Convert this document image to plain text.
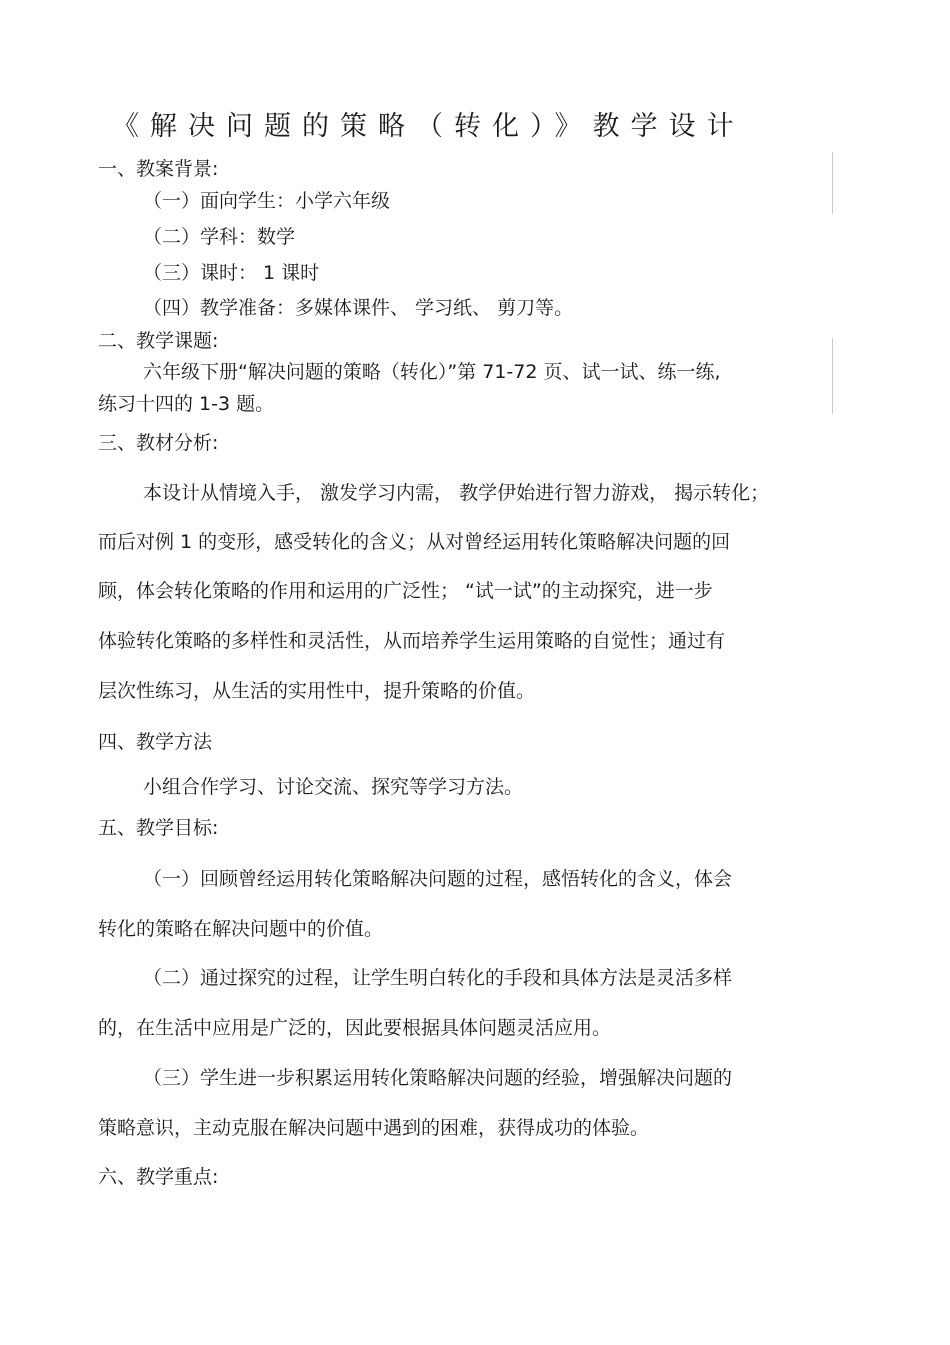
《解决问题的策略（转化）》教学设计
一、教案背景:
（一）面向学生：小学六年级
（二）学科：数学
（三）课时： 1 课时
（四）教学准备：多媒体课件、 学习纸、 剪刀等。
二、教学课题:
六年级下册“解决问题的策略（转化）”第 71-72 页、试一试、练一练,
练习十四的 1-3 题。
三、教材分析:
本设计从情境入手， 激发学习内需， 教学伊始进行智力游戏， 揭示转化；
而后对例 1 的变形，感受转化的含义；从对曾经运用转化策略解决问题的回
顾，体会转化策略的作用和运用的广泛性； “试一试”的主动探究，进一步
体验转化策略的多样性和灵活性，从而培养学生运用策略的自觉性；通过有
层次性练习，从生活的实用性中，提升策略的价值。
四、教学方法
小组合作学习、讨论交流、探究等学习方法。
五、教学目标:
（一）回顾曾经运用转化策略解决问题的过程，感悟转化的含义，体会
转化的策略在解决问题中的价值。
（二）通过探究的过程，让学生明白转化的手段和具体方法是灵活多样
的，在生活中应用是广泛的，因此要根据具体问题灵活应用。
（三）学生进一步积累运用转化策略解决问题的经验，增强解决问题的
策略意识，主动克服在解决问题中遇到的困难，获得成功的体验。
六、教学重点:
